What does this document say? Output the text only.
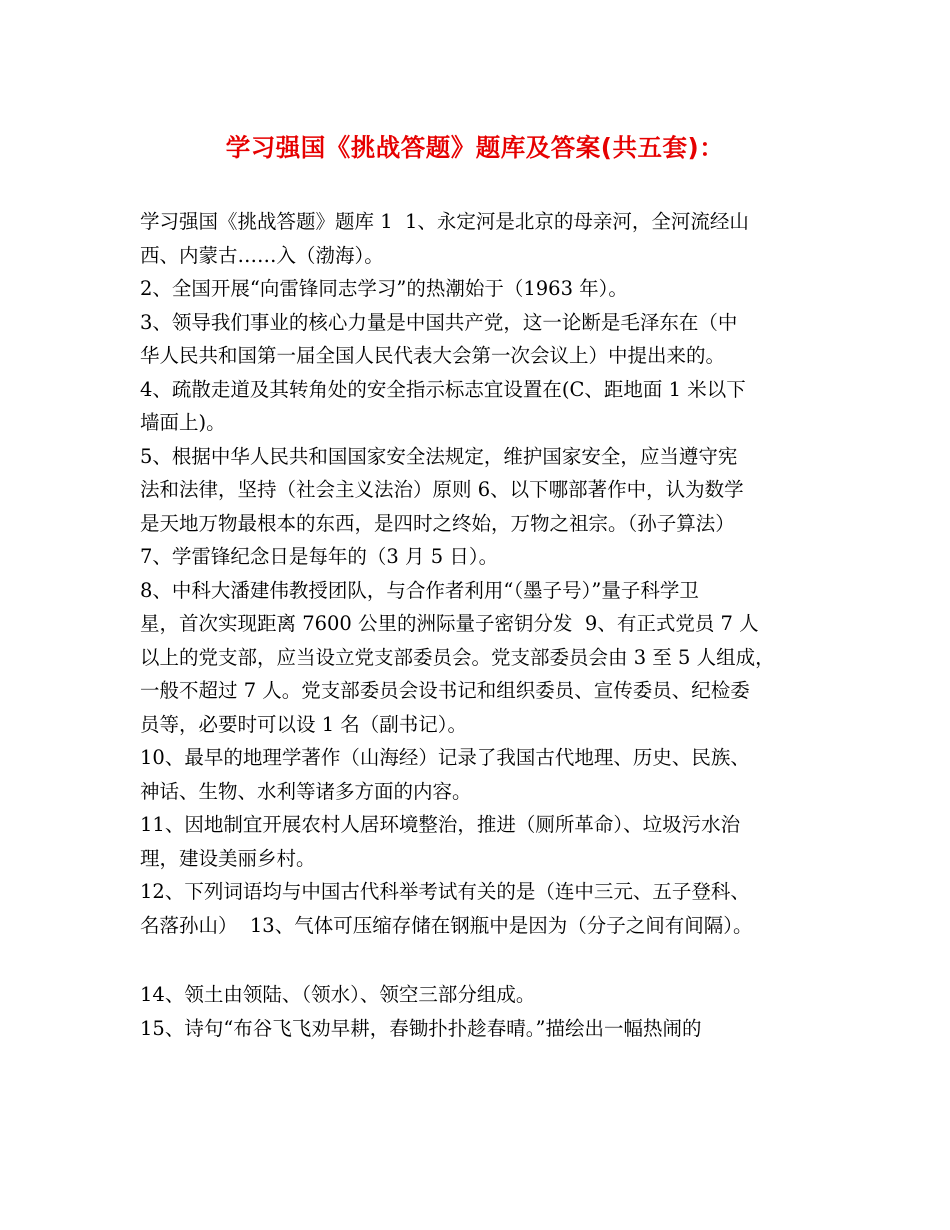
学习强国《挑战答题》题库及答案(共五套)：
学习强国《挑战答题》题库 1  1、永定河是北京的母亲河，全河流经山
西、内蒙古……入（渤海）。
2、全国开展“向雷锋同志学习”的热潮始于（1963 年）。
3、领导我们事业的核心力量是中国共产党，这一论断是毛泽东在（中
华人民共和国第一届全国人民代表大会第一次会议上）中提出来的。
4、疏散走道及其转角处的安全指示标志宜设置在(C、距地面 1 米以下
墙面上)。
5、根据中华人民共和国国家安全法规定，维护国家安全，应当遵守宪
法和法律，坚持（社会主义法治）原则 6、以下哪部著作中，认为数学
是天地万物最根本的东西，是四时之终始，万物之祖宗。（孙子算法）
7、学雷锋纪念日是每年的（3 月 5 日）。
8、中科大潘建伟教授团队，与合作者利用“（墨子号）”量子科学卫
星，首次实现距离 7600 公里的洲际量子密钥分发  9、有正式党员 7 人
以上的党支部，应当设立党支部委员会。党支部委员会由 3 至 5 人组成，
一般不超过 7 人。党支部委员会设书记和组织委员、宣传委员、纪检委
员等，必要时可以设 1 名（副书记）。
10、最早的地理学著作（山海经）记录了我国古代地理、历史、民族、
神话、生物、水利等诸多方面的内容。
11、因地制宜开展农村人居环境整治，推进（厕所革命）、垃圾污水治
理，建设美丽乡村。
12、下列词语均与中国古代科举考试有关的是（连中三元、五子登科、
名落孙山）  13、气体可压缩存储在钢瓶中是因为（分子之间有间隔）。
14、领土由领陆、（领水）、领空三部分组成。
15、诗句“布谷飞飞劝早耕，春锄扑扑趁春晴。”描绘出一幅热闹的
